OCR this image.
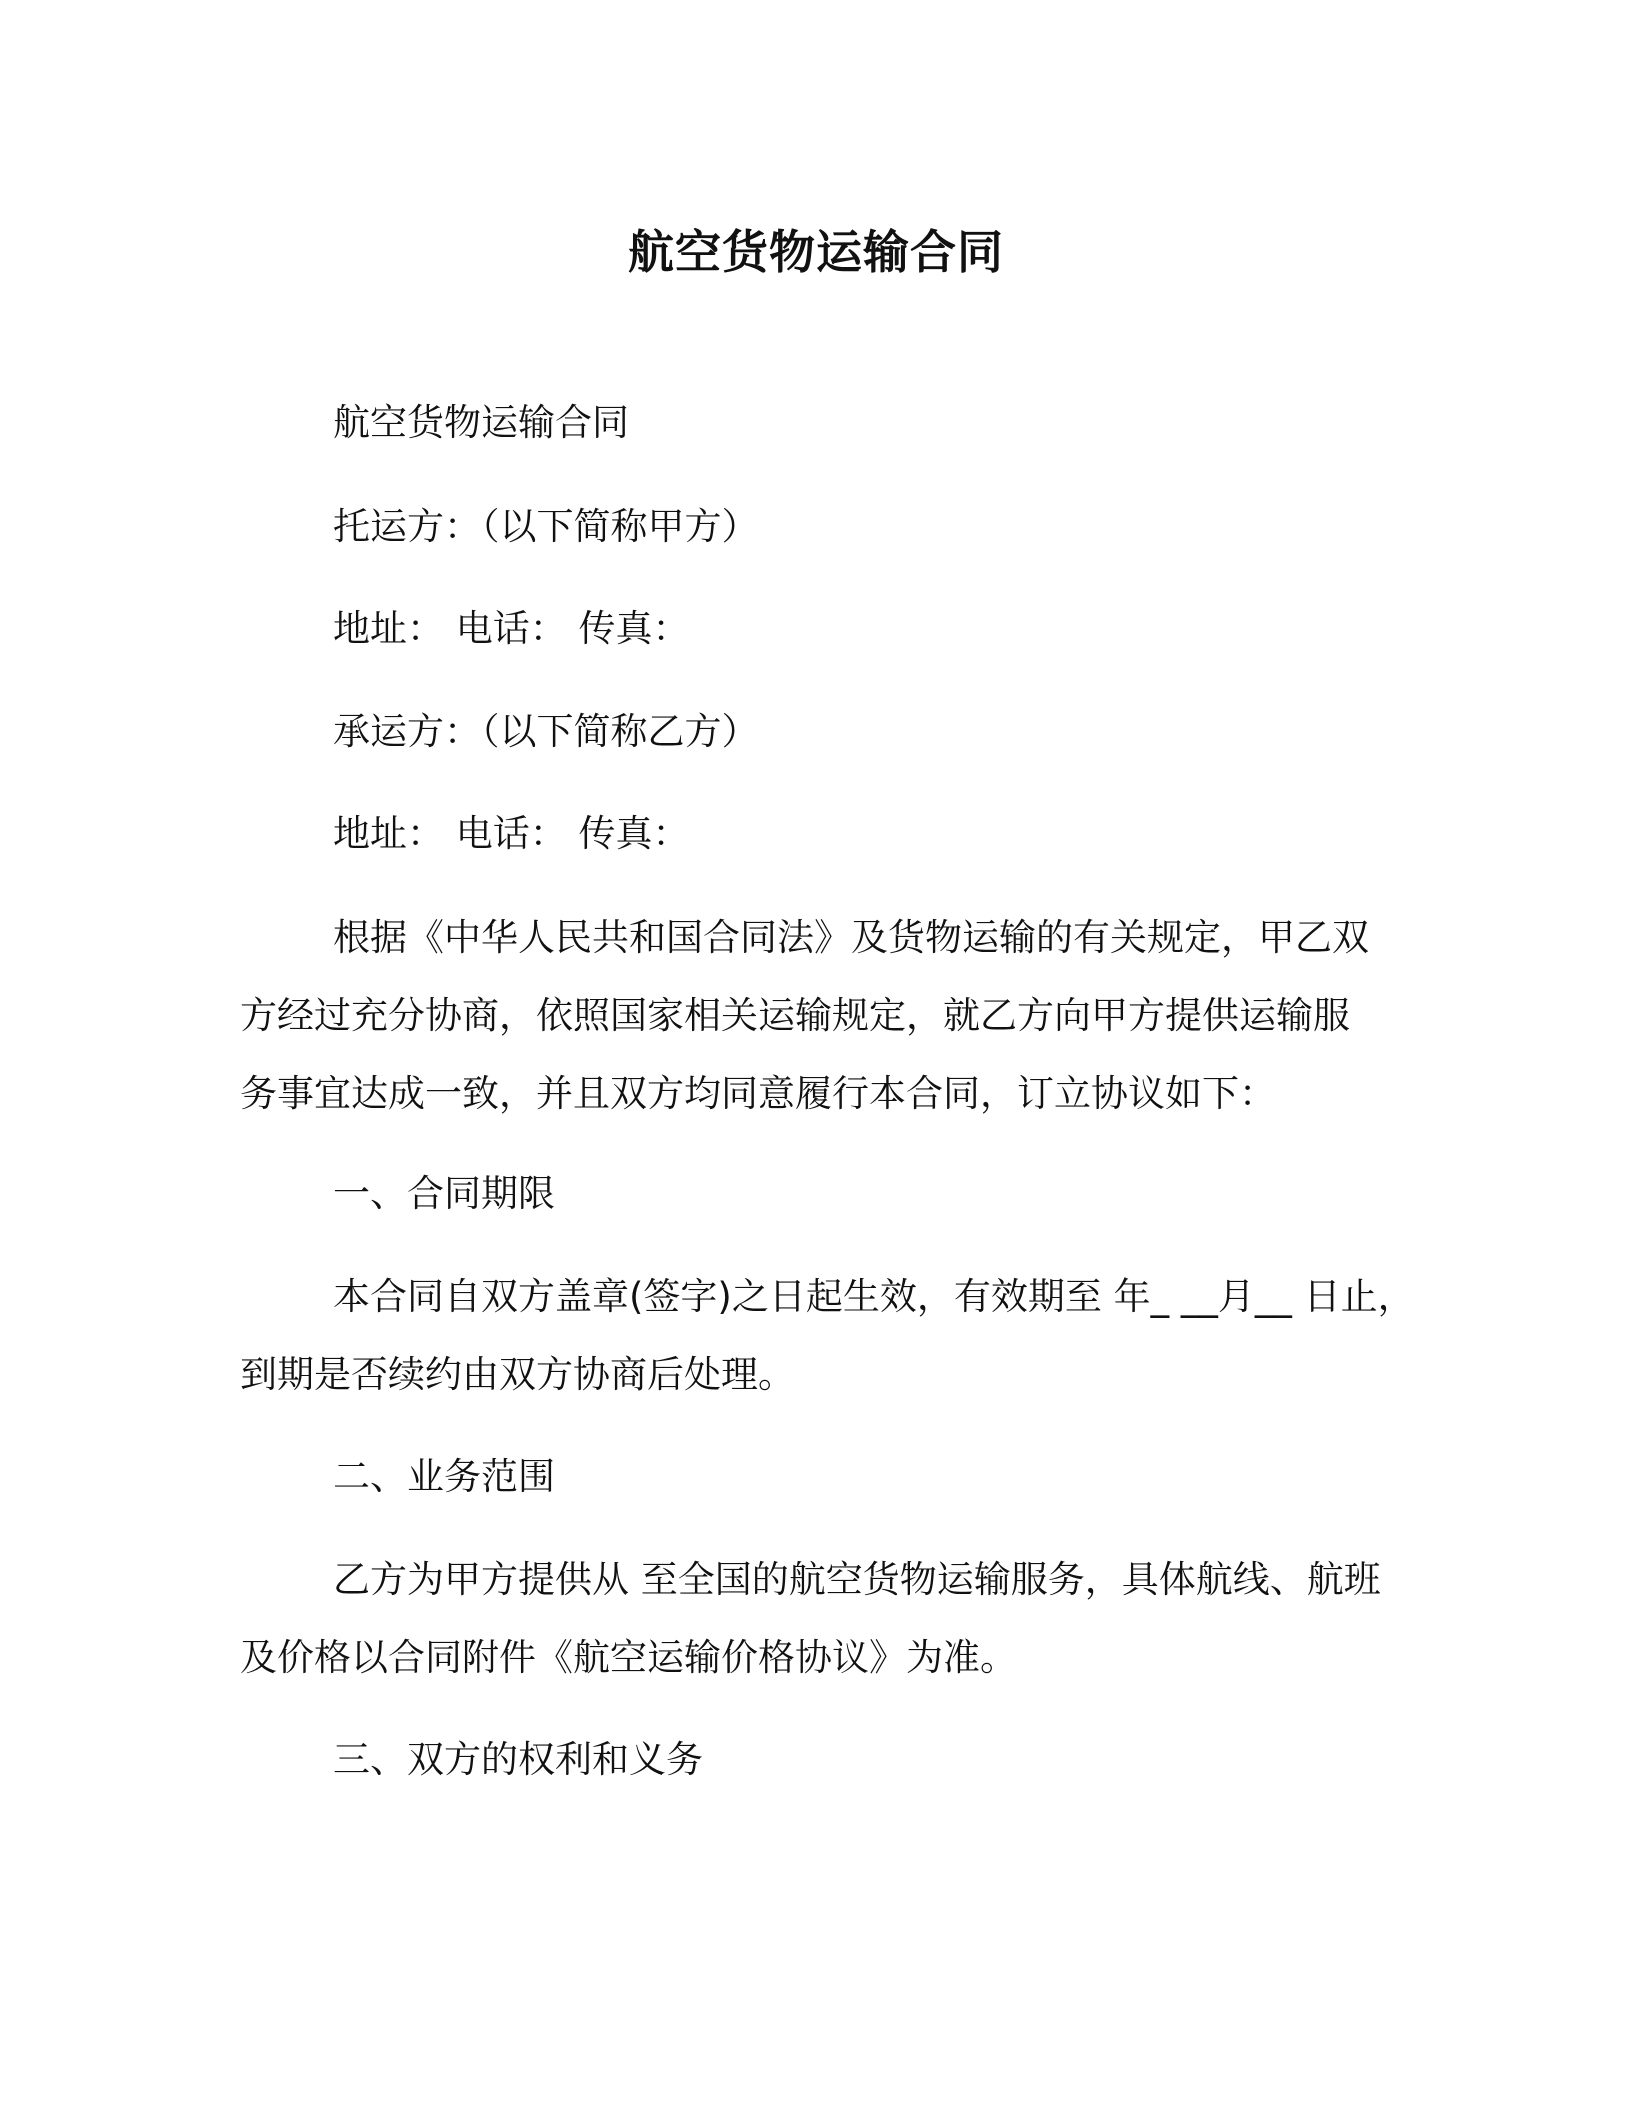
航空货物运输合同
航空货物运输合同
托运方：（以下简称甲方）
地址： 电话： 传真：
承运方：（以下简称乙方）
地址： 电话： 传真：
根据《中华人民共和国合同法》及货物运输的有关规定，甲乙双
方经过充分协商，依照国家相关运输规定，就乙方向甲方提供运输服
务事宜达成一致，并且双方均同意履行本合同，订立协议如下：
一、合同期限
本合同自双方盖章(签字)之日起生效，有效期至 年_ __月__ 日止，
到期是否续约由双方协商后处理。
二、业务范围
乙方为甲方提供从 至全国的航空货物运输服务，具体航线、航班
及价格以合同附件《航空运输价格协议》为准。
三、双方的权利和义务
